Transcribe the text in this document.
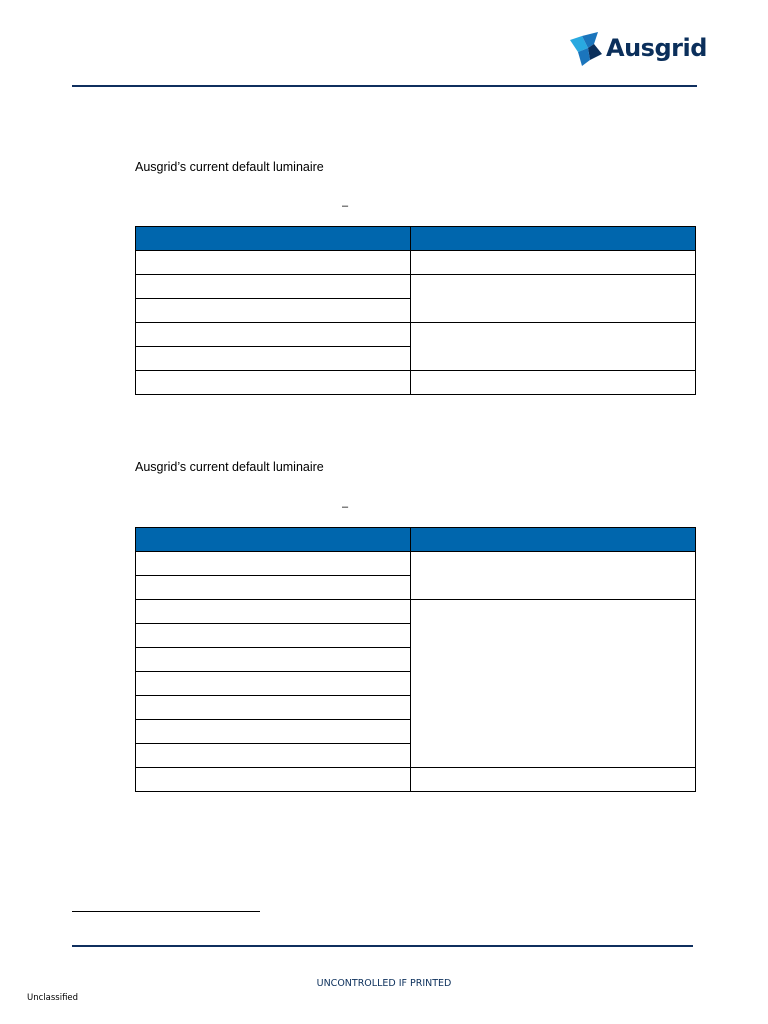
Ausgrid
Ausgrid’s current default luminaire
–

Ausgrid’s current default luminaire
–

UNCONTROLLED IF PRINTED
Unclassified
